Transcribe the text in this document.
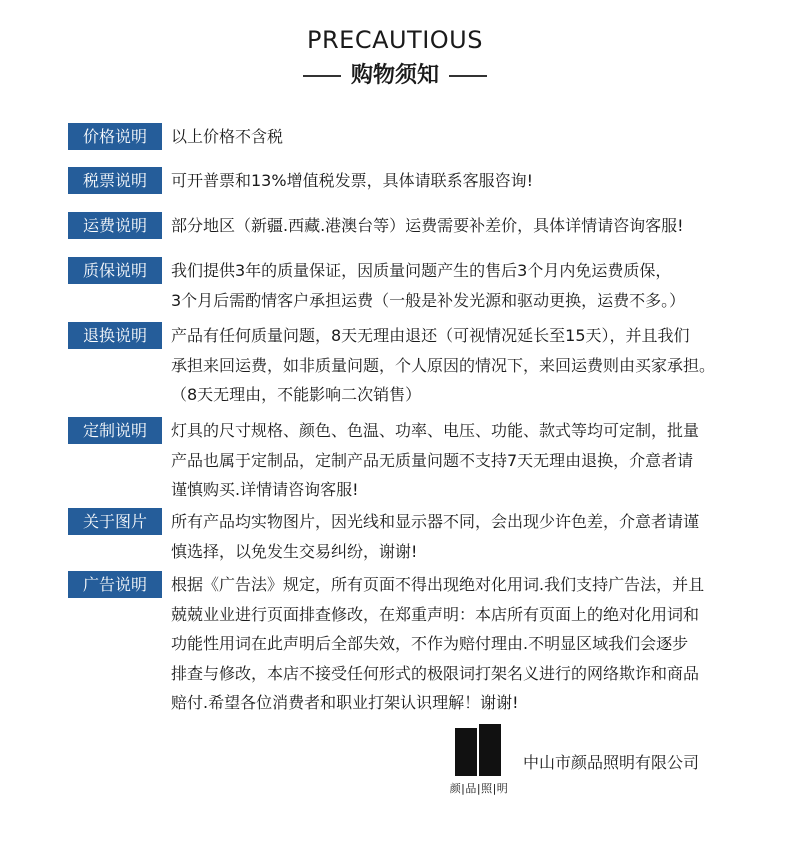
PRECAUTIOUS
购物须知
价格说明	以上价格不含税
税票说明	可开普票和13%增值税发票，具体请联系客服咨询!
运费说明	部分地区（新疆.西藏.港澳台等）运费需要补差价，具体详情请咨询客服!
质保说明	我们提供3年的质量保证，因质量问题产生的售后3个月内免运费质保，
3个月后需酌情客户承担运费（一般是补发光源和驱动更换，运费不多。）
退换说明	产品有任何质量问题，8天无理由退还（可视情况延长至15天），并且我们
承担来回运费，如非质量问题，个人原因的情况下，来回运费则由买家承担。
（8天无理由，不能影响二次销售）
定制说明	灯具的尺寸规格、颜色、色温、功率、电压、功能、款式等均可定制，批量
产品也属于定制品，定制产品无质量问题不支持7天无理由退换，介意者请
谨慎购买.详情请咨询客服!
关于图片	所有产品均实物图片，因光线和显示器不同，会出现少许色差，介意者请谨
慎选择，以免发生交易纠纷，谢谢!
广告说明	根据《广告法》规定，所有页面不得出现绝对化用词.我们支持广告法，并且
兢兢业业进行页面排查修改，在郑重声明：本店所有页面上的绝对化用词和
功能性用词在此声明后全部失效，不作为赔付理由.不明显区域我们会逐步
排查与修改，本店不接受任何形式的极限词打架名义进行的网络欺诈和商品
赔付.希望各位消费者和职业打架认识理解！谢谢!
颜|品|照|明
中山市颜品照明有限公司
